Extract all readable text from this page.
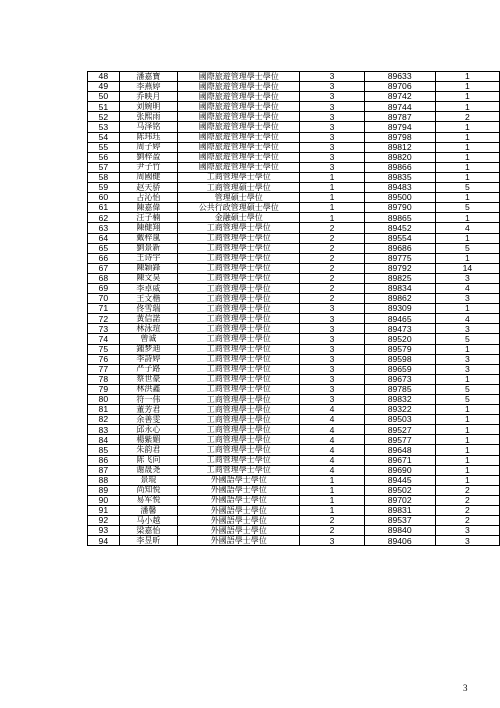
48	潘嘉寶	國際旅遊管理學士學位	3	89633	1
49	李燕婷	國際旅遊管理學士學位	3	89706	1
50	乔映月	國際旅遊管理學士學位	3	89742	1
51	刘婉明	國際旅遊管理學士學位	3	89744	1
52	张熙雨	國際旅遊管理學士學位	3	89787	2
53	马泽铭	國際旅遊管理學士學位	3	89794	1
54	陈玮珏	國際旅遊管理學士學位	3	89798	1
55	周子婷	國際旅遊管理學士學位	3	89812	1
56	劉梓盈	國際旅遊管理學士學位	3	89820	1
57	尹子竹	國際旅遊管理學士學位	3	89866	1
58	周國健	工商管理學士學位	1	89835	1
59	赵天骄	工商管理碩士學位	1	89483	5
60	占沁怡	管理碩士學位	1	89500	1
61	陳嘉偉	公共行政管理碩士學位	1	89790	5
62	汪子楠	金融碩士學位	1	89865	1
63	陳健翔	工商管理學士學位	2	89452	4
64	戴梓嵐	工商管理學士學位	2	89554	1
65	劉景新	工商管理學士學位	2	89686	5
66	王诗宇	工商管理學士學位	2	89775	1
67	陳穎鋒	工商管理學士學位	2	89792	14
68	陳文昊	工商管理學士學位	2	89825	3
69	李卓威	工商管理學士學位	2	89834	4
70	王文楷	工商管理學士學位	2	89862	3
71	佟雪瑞	工商管理學士學位	3	89309	1
72	黃信諾	工商管理學士學位	3	89465	4
73	林泳瑄	工商管理學士學位	3	89473	3
74	曾诚	工商管理學士學位	3	89520	5
75	鍾梦迪	工商管理學士學位	3	89579	1
76	李詩婷	工商管理學士學位	3	89598	3
77	严子路	工商管理學士學位	3	89659	3
78	蔡世豪	工商管理學士學位	3	89673	1
79	林洪鑫	工商管理學士學位	3	89785	5
80	符一伟	工商管理學士學位	3	89832	5
81	董芳君	工商管理學士學位	4	89322	1
82	余善雯	工商管理學士學位	4	89503	1
83	邱永心	工商管理學士學位	4	89527	1
84	楊紫媚	工商管理學士學位	4	89577	1
85	朱韵君	工商管理學士學位	4	89648	1
86	陈飞向	工商管理學士學位	4	89671	1
87	谢晟尧	工商管理學士學位	4	89690	1
88	景琨	外國語學士學位	1	89445	1
89	尚知悦	外國語學士學位	1	89502	2
90	易军悦	外國語學士學位	1	89702	2
91	潘馨	外國語學士學位	1	89831	2
92	马小越	外國語學士學位	2	89537	2
93	梁嘉怡	外國語學士學位	2	89840	3
94	李昱昕	外國語學士學位	3	89406	3
3
